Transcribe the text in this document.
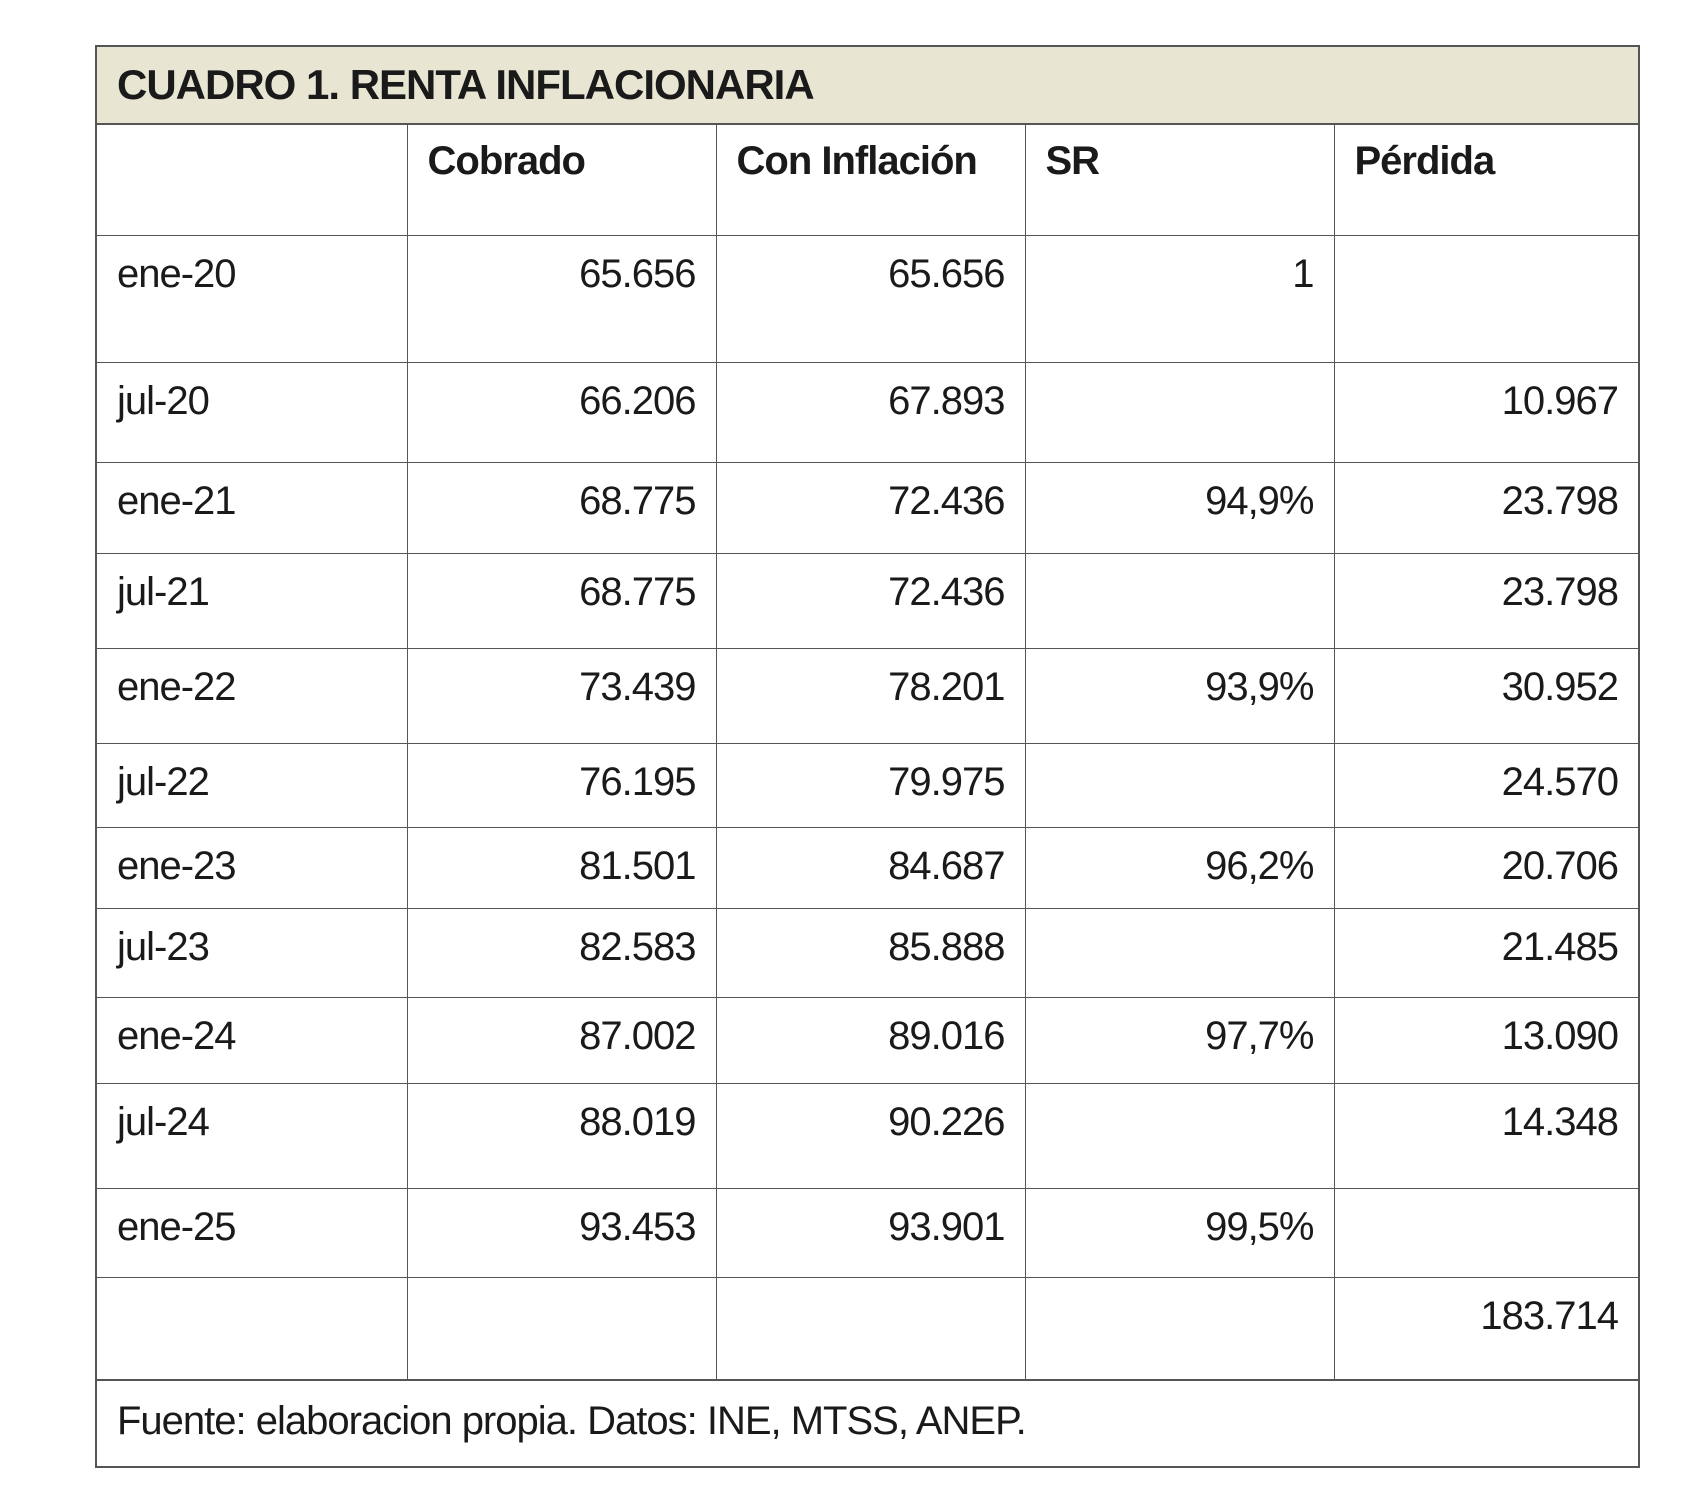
CUADRO 1. RENTA INFLACIONARIA
	Cobrado	Con Inflación	SR	Pérdida
ene-20	65.656	65.656	1	
jul-20	66.206	67.893		10.967
ene-21	68.775	72.436	94,9%	23.798
jul-21	68.775	72.436		23.798
ene-22	73.439	78.201	93,9%	30.952
jul-22	76.195	79.975		24.570
ene-23	81.501	84.687	96,2%	20.706
jul-23	82.583	85.888		21.485
ene-24	87.002	89.016	97,7%	13.090
jul-24	88.019	90.226		14.348
ene-25	93.453	93.901	99,5%	
				183.714
Fuente: elaboracion propia. Datos: INE, MTSS, ANEP.
